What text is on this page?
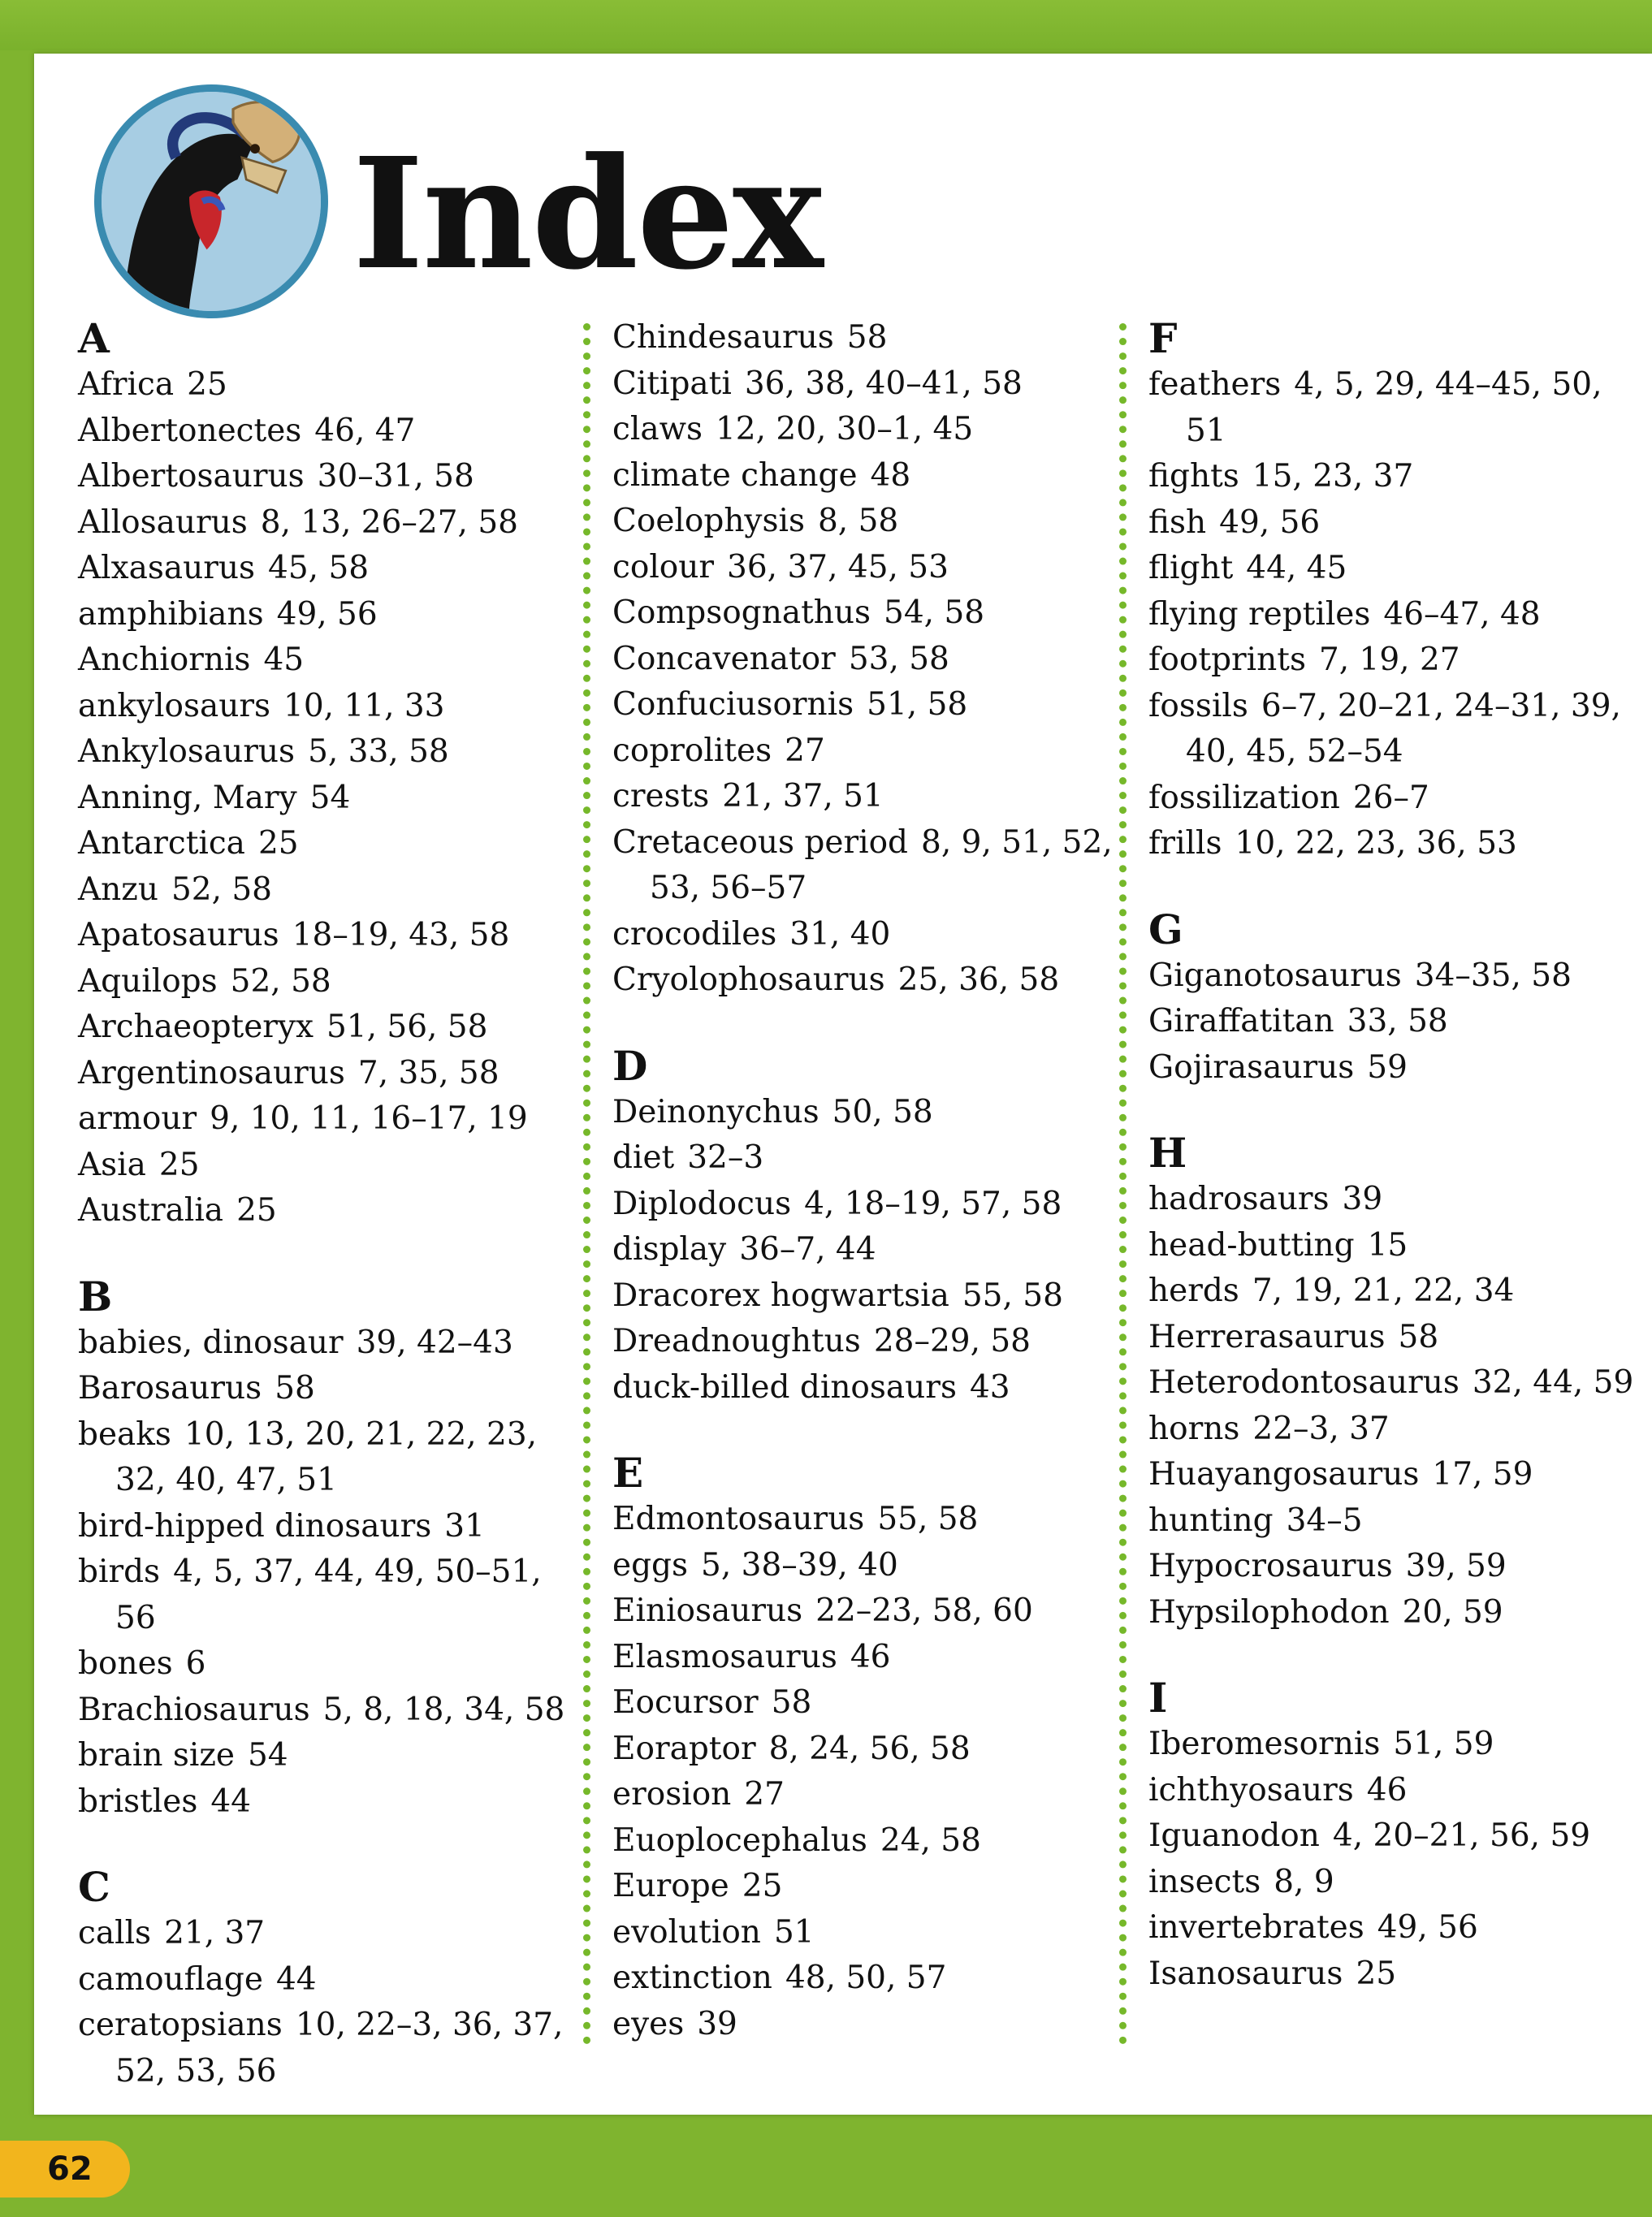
Index
A
Africa 25
Albertonectes 46, 47
Albertosaurus 30–31, 58
Allosaurus 8, 13, 26–27, 58
Alxasaurus 45, 58
amphibians 49, 56
Anchiornis 45
ankylosaurs 10, 11, 33
Ankylosaurus 5, 33, 58
Anning, Mary 54
Antarctica 25
Anzu 52, 58
Apatosaurus 18–19, 43, 58
Aquilops 52, 58
Archaeopteryx 51, 56, 58
Argentinosaurus 7, 35, 58
armour 9, 10, 11, 16–17, 19
Asia 25
Australia 25
B
babies, dinosaur 39, 42–43
Barosaurus 58
beaks 10, 13, 20, 21, 22, 23, 32, 40, 47, 51
bird-hipped dinosaurs 31
birds 4, 5, 37, 44, 49, 50–51, 56
bones 6
Brachiosaurus 5, 8, 18, 34, 58
brain size 54
bristles 44
C
calls 21, 37
camouflage 44
ceratopsians 10, 22–3, 36, 37, 52, 53, 56
Chindesaurus 58
Citipati 36, 38, 40–41, 58
claws 12, 20, 30–1, 45
climate change 48
Coelophysis 8, 58
colour 36, 37, 45, 53
Compsognathus 54, 58
Concavenator 53, 58
Confuciusornis 51, 58
coprolites 27
crests 21, 37, 51
Cretaceous period 8, 9, 51, 52, 53, 56–57
crocodiles 31, 40
Cryolophosaurus 25, 36, 58
D
Deinonychus 50, 58
diet 32–3
Diplodocus 4, 18–19, 57, 58
display 36–7, 44
Dracorex hogwartsia 55, 58
Dreadnoughtus 28–29, 58
duck-billed dinosaurs 43
E
Edmontosaurus 55, 58
eggs 5, 38–39, 40
Einiosaurus 22–23, 58, 60
Elasmosaurus 46
Eocursor 58
Eoraptor 8, 24, 56, 58
erosion 27
Euoplocephalus 24, 58
Europe 25
evolution 51
extinction 48, 50, 57
eyes 39
F
feathers 4, 5, 29, 44–45, 50, 51
fights 15, 23, 37
fish 49, 56
flight 44, 45
flying reptiles 46–47, 48
footprints 7, 19, 27
fossils 6–7, 20–21, 24–31, 39, 40, 45, 52–54
fossilization 26–7
frills 10, 22, 23, 36, 53
G
Giganotosaurus 34–35, 58
Giraffatitan 33, 58
Gojirasaurus 59
H
hadrosaurs 39
head-butting 15
herds 7, 19, 21, 22, 34
Herrerasaurus 58
Heterodontosaurus 32, 44, 59
horns 22–3, 37
Huayangosaurus 17, 59
hunting 34–5
Hypocrosaurus 39, 59
Hypsilophodon 20, 59
I
Iberomesornis 51, 59
ichthyosaurs 46
Iguanodon 4, 20–21, 56, 59
insects 8, 9
invertebrates 49, 56
Isanosaurus 25
62
